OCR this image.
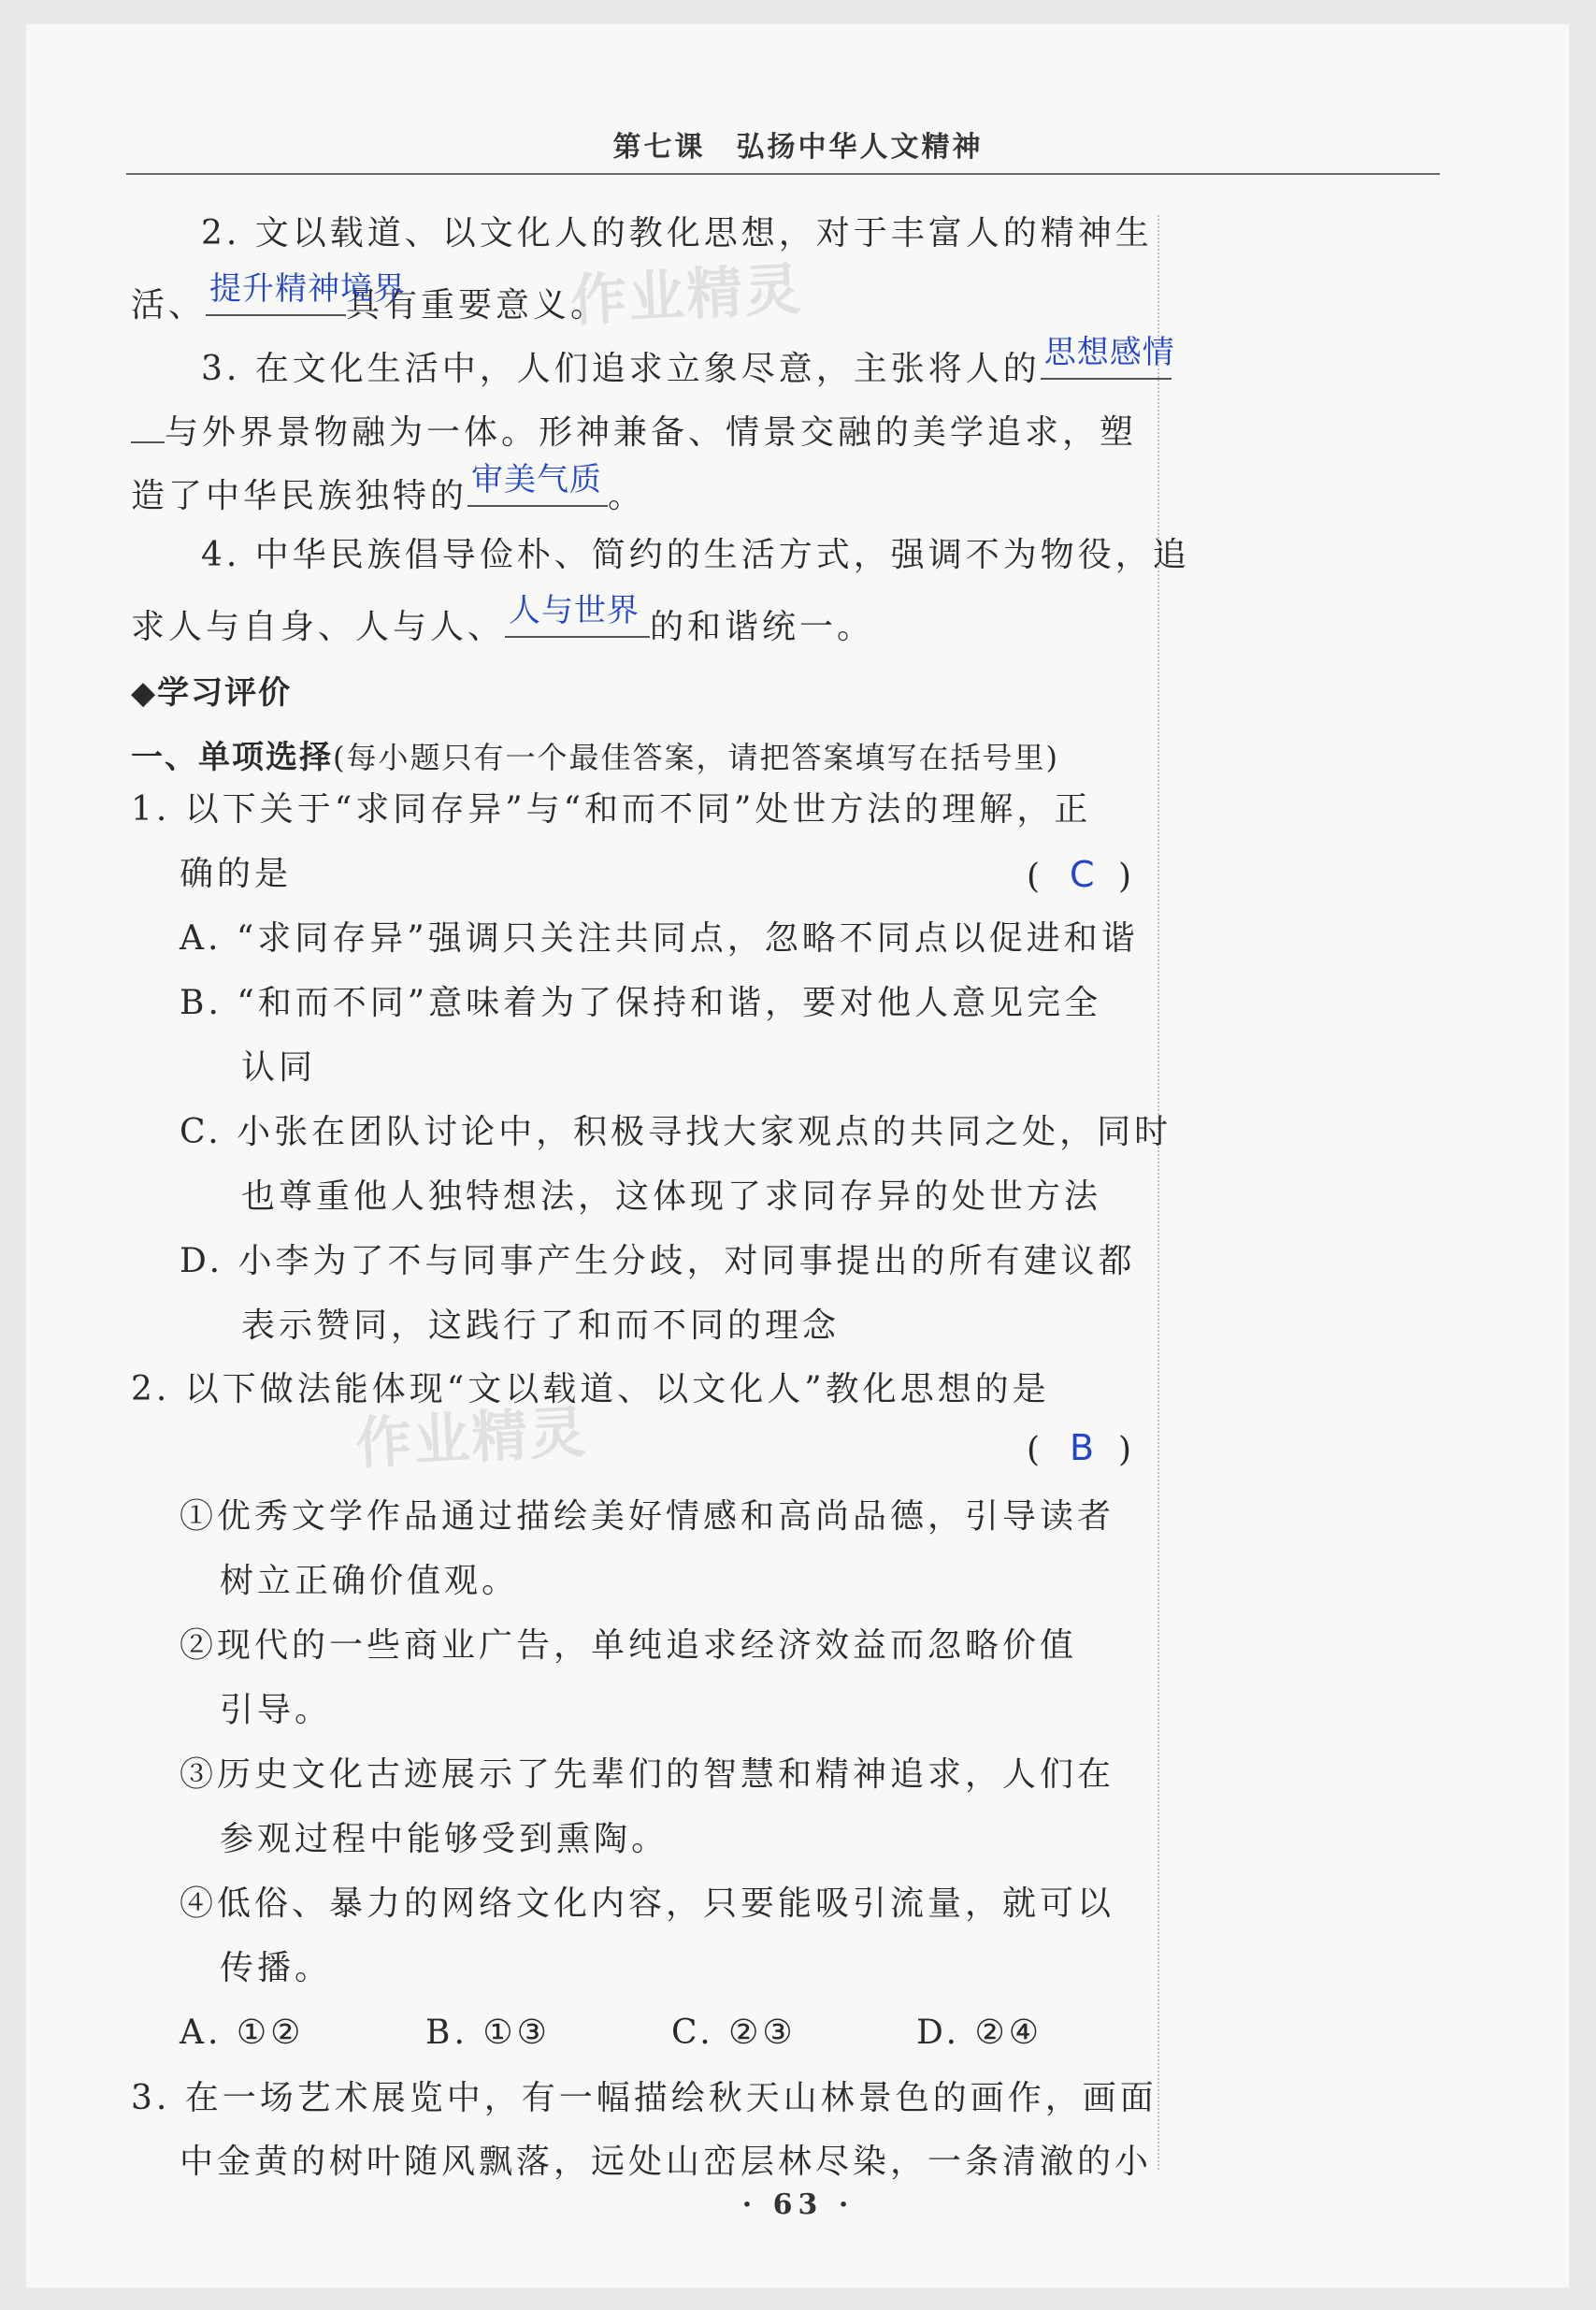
第七课　弘扬中华人文精神
2. 文以载道、以文化人的教化思想，对于丰富人的精神生
活、 提升精神境界
具有重要意义。
3. 在文化生活中，人们追求立象尽意，主张将人的 思想感情
与外界景物融为一体。形神兼备、情景交融的美学追求，塑
造了中华民族独特的 审美气质 。
4. 中华民族倡导俭朴、简约的生活方式，强调不为物役，追
求人与自身、人与人、 人与世界 的和谐统一。
◆学习评价
一、单项选择(每小题只有一个最佳答案，请把答案填写在括号里)
1. 以下关于“求同存异”与“和而不同”处世方法的理解，正
确的是	( C )
A. “求同存异”强调只关注共同点，忽略不同点以促进和谐
B. “和而不同”意味着为了保持和谐，要对他人意见完全
认同
C. 小张在团队讨论中，积极寻找大家观点的共同之处，同时
也尊重他人独特想法，这体现了求同存异的处世方法
D. 小李为了不与同事产生分歧，对同事提出的所有建议都
表示赞同，这践行了和而不同的理念
2. 以下做法能体现“文以载道、以文化人”教化思想的是
( B )
①优秀文学作品通过描绘美好情感和高尚品德，引导读者
树立正确价值观。
②现代的一些商业广告，单纯追求经济效益而忽略价值
引导。
③历史文化古迹展示了先辈们的智慧和精神追求，人们在
参观过程中能够受到熏陶。
④低俗、暴力的网络文化内容，只要能吸引流量，就可以
传播。
A. ①②	B. ①③	C. ②③	D. ②④
3. 在一场艺术展览中，有一幅描绘秋天山林景色的画作，画面
中金黄的树叶随风飘落，远处山峦层林尽染，一条清澈的小
作业精灵
作业精灵
· 63 ·
